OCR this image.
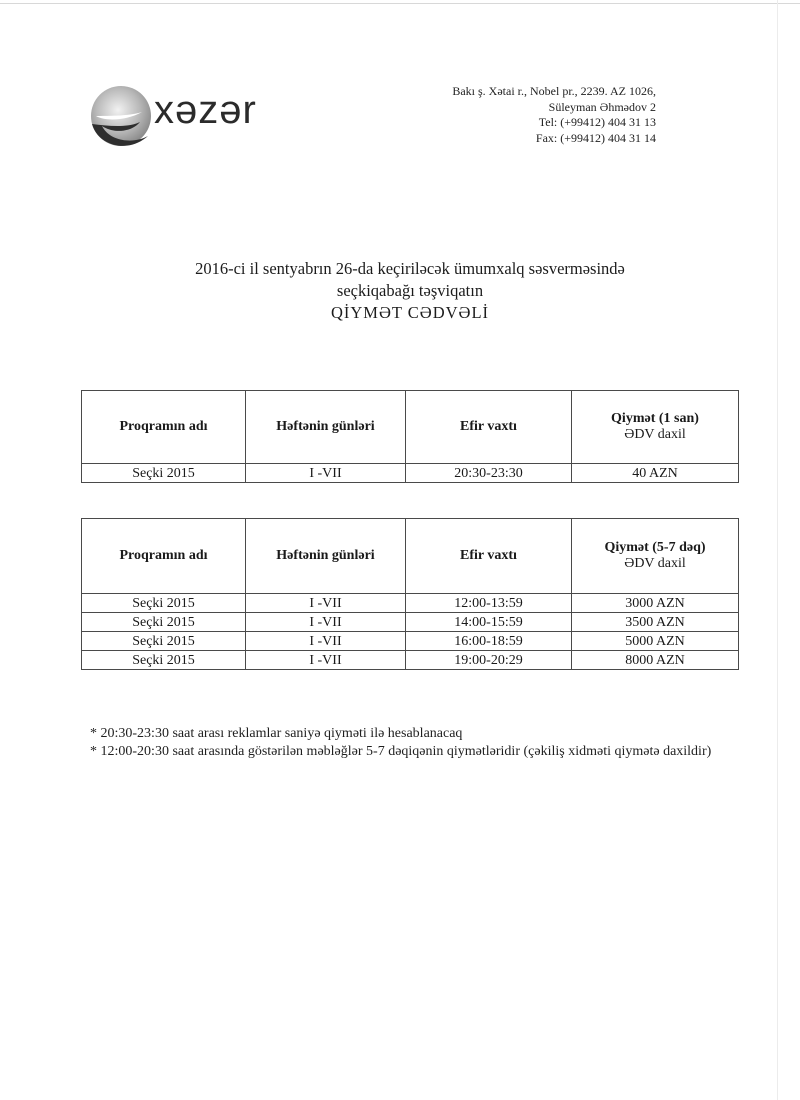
xəzər	Bakı ş. Xətai r., Nobel pr., 2239. AZ 1026,
Süleyman Əhmədov 2
Tel: (+99412) 404 31 13
Fax: (+99412) 404 31 14
2016-ci il sentyabrın 26-da keçiriləcək ümumxalq səsvermәsində
seçkiqabağı təşviqatın
QİYMƏT CƏDVƏLİ
Proqramın adı	Həftənin günləri	Efir vaxtı	Qiymət (1 san)
ƏDV daxil

Seçki 2015	I -VII	20:30-23:30	40 AZN
Proqramın adı	Həftənin günləri	Efir vaxtı	Qiymət (5-7 dəq)
ƏDV daxil

Seçki 2015	I -VII	12:00-13:59	3000 AZN
Seçki 2015	I -VII	14:00-15:59	3500 AZN
Seçki 2015	I -VII	16:00-18:59	5000 AZN
Seçki 2015	I -VII	19:00-20:29	8000 AZN
* 20:30-23:30 saat arası reklamlar saniyə qiyməti ilə hesablanacaq
* 12:00-20:30 saat arasında göstərilən məbləğlər 5-7 dəqiqənin qiymətləridir (çəkiliş xidməti qiymətə daxildir)
